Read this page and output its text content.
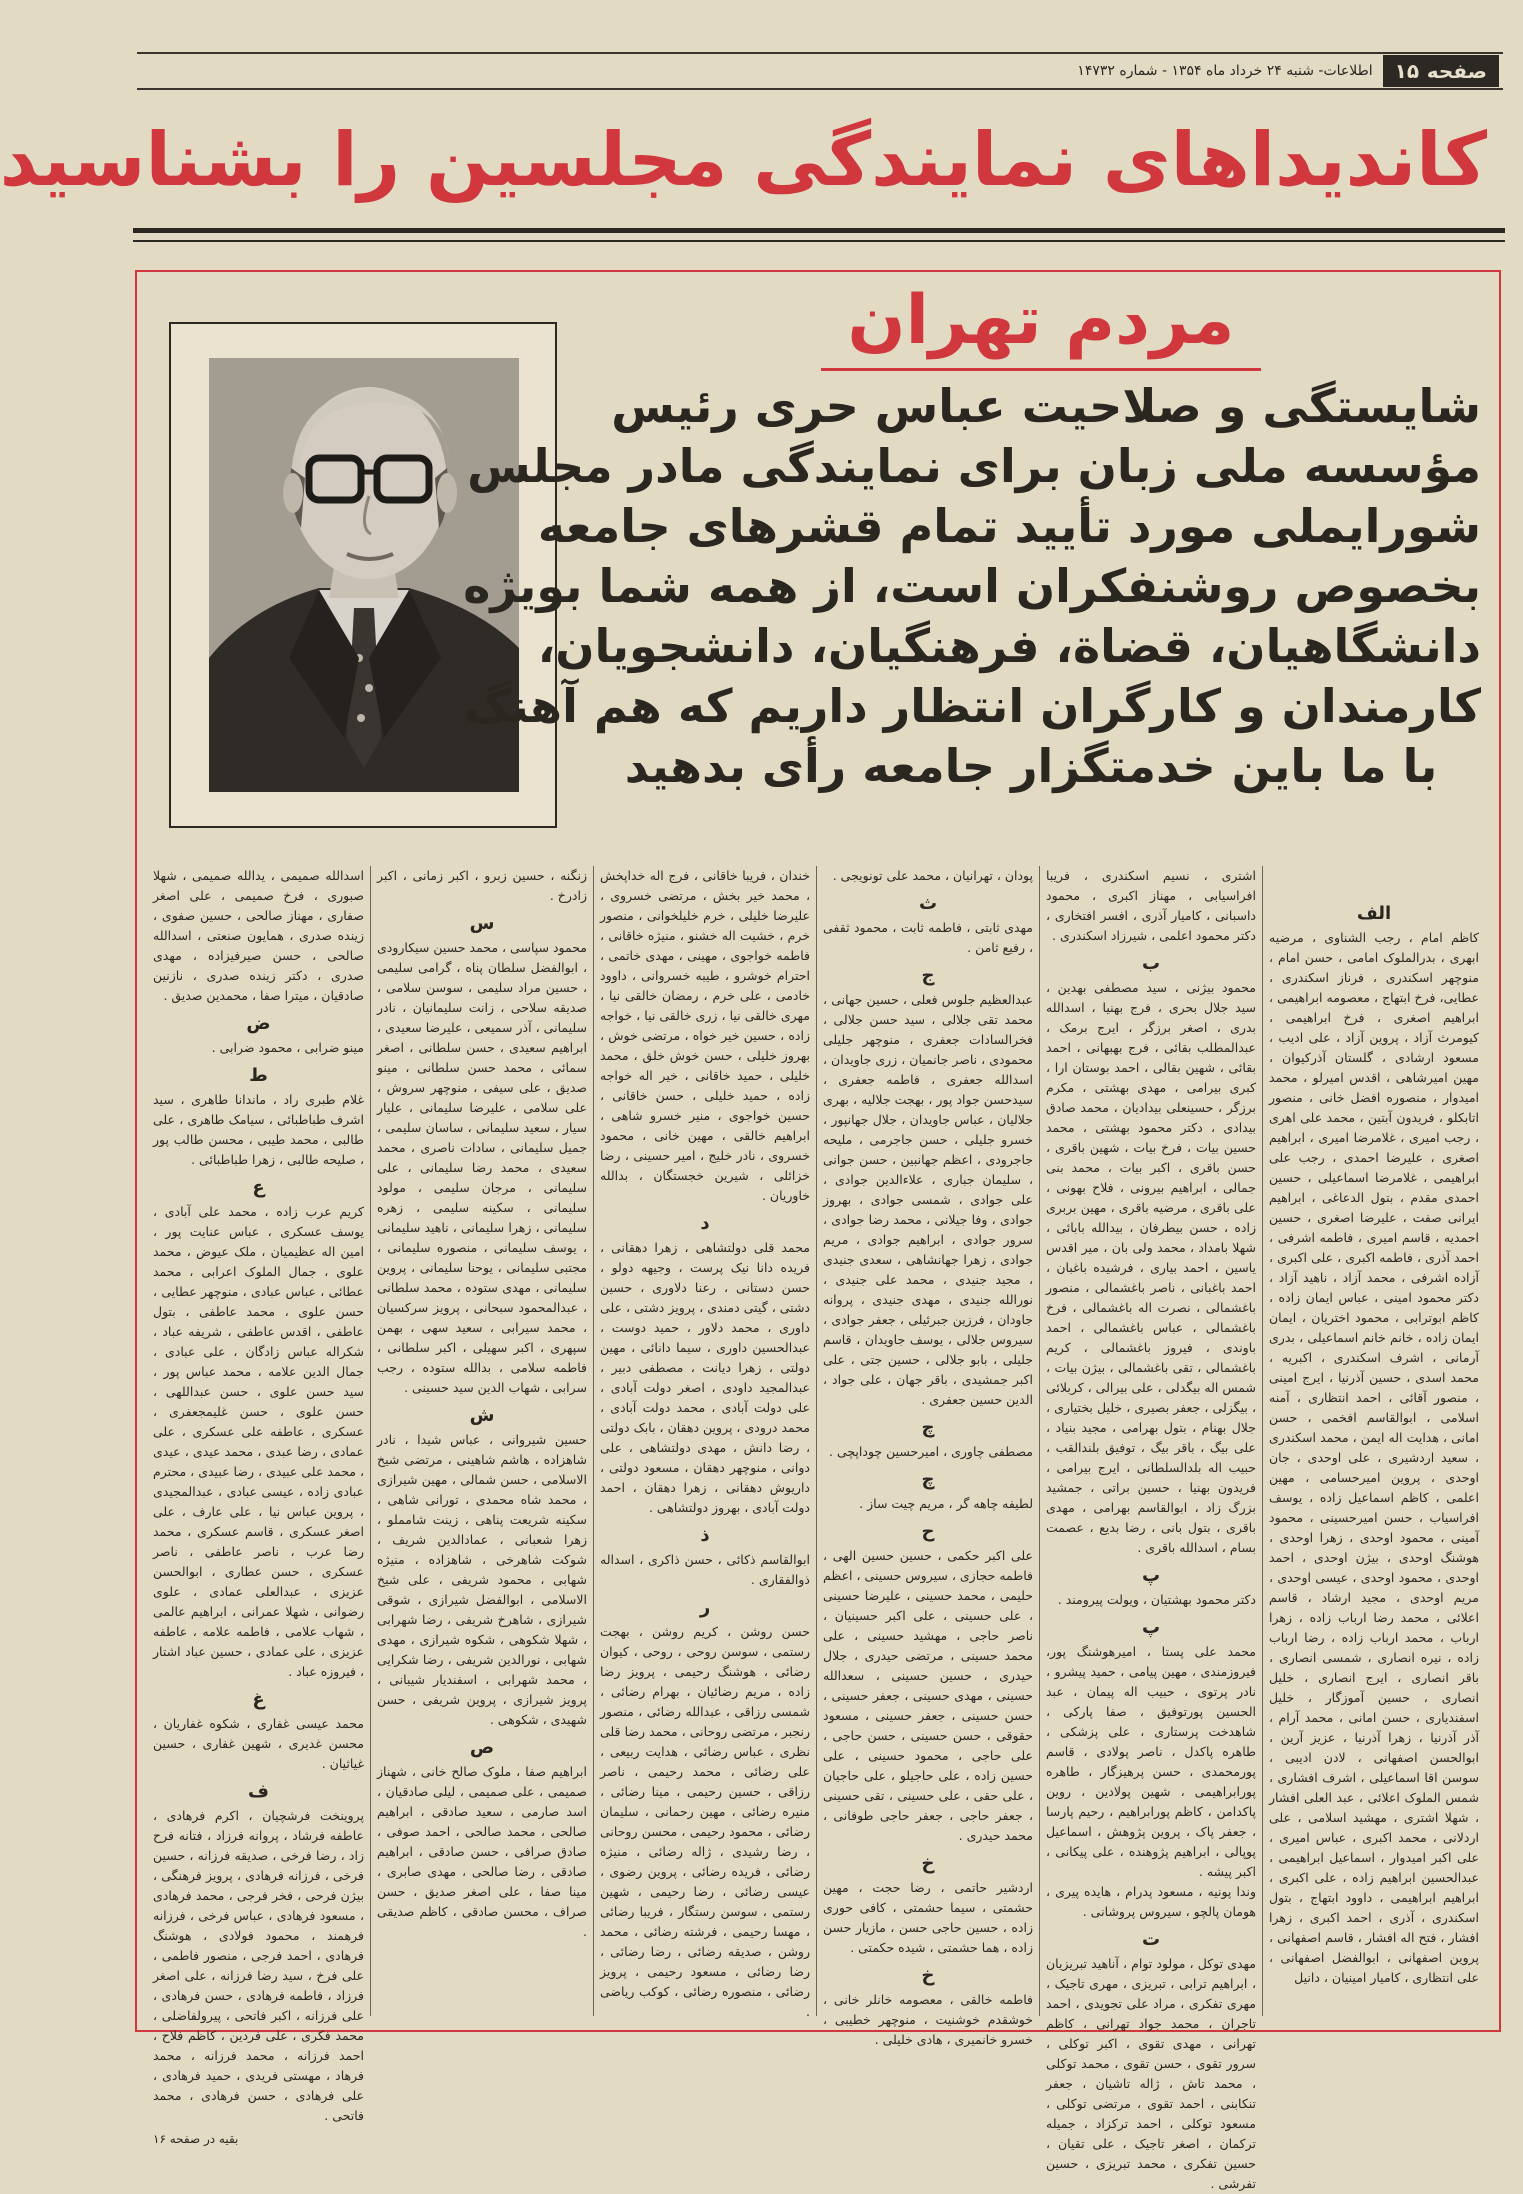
صفحه ۱۵
اطلاعات- شنبه ۲۴ خرداد ماه ۱۳۵۴ - شماره ۱۴۷۳۲
کاندیداهای نمایندگی مجلسین را بشناسید
مردم تهران
شایستگی و صلاحیت عباس حری رئیس
مؤسسه ملی زبان برای نمایندگی مادر مجلس
شورایملی مورد تأیید تمام قشرهای جامعه
بخصوص روشنفکران است، از همه شما بویژه
دانشگاهیان، قضاة، فرهنگیان، دانشجویان،
کارمندان و کارگران انتظار داریم که هم آهنگ
با ما باین خدمتگزار جامعه رأی بدهید
الف
کاظم امام ، رجب الشناوی ، مرضیه ابهری ، بدرالملوک امامی ، حسن امام ، منوچهر اسکندری ، فرناز اسکندری ، عطایی، فرخ ابتهاج ، معصومه ابراهیمی ، ابراهیم اصغری ، فرخ ابراهیمی ، کیومرث آزاد ، پروین آزاد ، علی ادیب ، مسعود ارشادی ، گلستان آذرکیوان ، مهین امیرشاهی ، اقدس امیرلو ، محمد امیدوار ، منصوره افضل خانی ، منصور اتابکلو ، فریدون آبتین ، محمد علی اهری ، رجب امیری ، غلامرضا امیری ، ابراهیم اصغری ، علیرضا احمدی ، رجب علی ابراهیمی ، غلامرضا اسماعیلی ، حسین احمدی مقدم ، بتول الدعاغی ، ابراهیم ایرانی صفت ، علیرضا اصغری ، حسین احمدیه ، قاسم امیری ، فاطمه اشرفی ، احمد آذری ، فاطمه اکبری ، علی اکبری ، آزاده اشرفی ، محمد آزاد ، ناهید آزاد ، دکتر محمود امینی ، عباس ایمان زاده ، کاظم ابوترابی ، محمود اختریان ، ایمان ایمان زاده ، خانم خانم اسماعیلی ، بدری آرمانی ، اشرف اسکندری ، اکبریه ، محمد اسدی ، حسین آذرنیا ، ایرج امینی ، منصور آقائی ، احمد انتظاری ، آمنه اسلامی ، ابوالقاسم افخمی ، حسن امانی ، هدایت اله ایمن ، محمد اسکندری ، سعید اردشیری ، علی اوحدی ، جان اوحدی ، پروین امیرحسامی ، مهین اعلمی ، کاظم اسماعیل زاده ، یوسف افراسیاب ، حسن امیرحسینی ، محمود آمینی ، محمود اوحدی ، زهرا اوحدی ، هوشنگ اوحدی ، بیژن اوحدی ، احمد اوحدی ، محمود اوحدی ، عیسی اوحدی ، مریم اوحدی ، مجید ارشاد ، قاسم اعلائی ، محمد رضا ارباب زاده ، زهرا ارباب ، محمد ارباب زاده ، رضا ارباب زاده ، نیره انصاری ، شمسی انصاری ، باقر انصاری ، ایرج انصاری ، خلیل انصاری ، حسین آموزگار ، خلیل اسفندیاری ، حسن امانی ، محمد آرام ، آذر آذرنیا ، زهرا آذرنیا ، عزیز آرین ، ابوالحسن اصفهانی ، لادن ادیبی ، سوسن اقا اسماعیلی ، اشرف افشاری ، شمس الملوک اعلائی ، عبد العلی افشار ، شهلا اشتری ، مهشید اسلامی ، علی اردلانی ، محمد اکبری ، عباس امیری ، علی اکبر امیدوار ، اسماعیل ابراهیمی ، عبدالحسین ابراهیم زاده ، علی اکبری ، ابراهیم ابراهیمی ، داوود ابتهاج ، بتول اسکندری ، آذری ، احمد اکبری ، زهرا افشار ، فتح اله افشار ، قاسم اصفهانی ، پروین اصفهانی ، ابوالفضل اصفهانی ، علی انتظاری ، کامیار امینیان ، دانیل
اشتری ، نسیم اسکندری ، فریبا افراسیابی ، مهناز اکبری ، محمود داسبانی ، کامیار آذری ، افسر افتخاری ، دکتر محمود اعلمی ، شیرزاد اسکندری .
ب
محمود بیژنی ، سید مصطفی بهدین ، سید جلال بحری ، فرج بهنیا ، اسدالله بدری ، اصغر برزگر ، ایرج برمک ، عبدالمطلب بقائی ، فرج بهبهانی ، احمد بقائی ، شهین بقالی ، احمد بوستان ارا ، کبری بیرامی ، مهدی بهشتی ، مکرم برزگر ، حسینعلی بیدادیان ، محمد صادق بیدادی ، دکتر محمود بهشتی ، محمد حسین بیات ، فرخ بیات ، شهین باقری ، حسن باقری ، اکبر بیات ، محمد بنی جمالی ، ابراهیم بیرونی ، فلاح بهونی ، علی باقری ، مرضیه باقری ، مهین بربری زاده ، حسن بیطرفان ، بیدالله بابائی ، شهلا بامداد ، محمد ولی بان ، میر اقدس یاسین ، احمد بیاری ، فرشیده باغبان ، احمد باغبانی ، ناصر باغشمالی ، منصور باغشمالی ، نصرت اله باغشمالی ، فرخ باغشمالی ، عباس باغشمالی ، احمد باوندی ، فیروز باغشمالی ، کریم باغشمالی ، تقی باغشمالی ، بیژن بیات ، شمس اله بیگدلی ، علی بیرالی ، کربلائی ، بیگزلی ، جعفر بصیری ، خلیل بختیاری ، جلال بهنام ، بتول بهرامی ، مجید بنیاد ، علی بیگ ، باقر بیگ ، توفیق بلندالقب ، حبیب اله بلدالسلطانی ، ایرج بیرامی ، فریدون بهنیا ، حسین براتی ، جمشید بزرگ زاد ، ابوالقاسم بهرامی ، مهدی باقری ، بتول بانی ، رضا بدیع ، عصمت بسام ، اسدالله باقری .
پ
دکتر محمود بهشتیان ، ویولت پیرومند .
پ
محمد علی پستا ، امیرهوشنگ پور، فیروزمندی ، مهین پیامی ، حمید پیشرو ، نادر پرتوی ، حبیب اله پیمان ، عبد الحسین پورتوفیق ، صفا پارکی ، شاهدخت پرستاری ، علی پزشکی ، طاهره پاکدل ، ناصر پولادی ، قاسم پورمحمدی ، حسن پرهیزگار ، طاهره پورابراهیمی ، شهین پولادین ، روین پاکدامن ، کاظم پورابراهیم ، رحیم پارسا ، جعفر پاک ، پروین پژوهش ، اسماعیل پوپالی ، ابراهیم پژوهنده ، علی پیکانی ، اکبر پیشه .
وندا پونیه ، مسعود پدرام ، هایده پیری ، هومان پالچو ، سیروس پروشانی .
ت
مهدی توکل ، مولود توام ، آناهید تبریزیان ، ابراهیم ترابی ، تبریزی ، مهری تاجیک ، مهری تفکری ، مراد علی تجویدی ، احمد تاجران ، محمد جواد تهرانی ، کاظم تهرانی ، مهدی تقوی ، اکبر توکلی ، سرور تقوی ، حسن تقوی ، محمد توکلی ، محمد تاش ، ژاله تاشیان ، جعفر تنکابنی ، احمد تقوی ، مرتضی توکلی ، مسعود توکلی ، احمد ترکزاد ، جمیله ترکمان ، اصغر تاجیک ، علی تقیان ، حسین تفکری ، محمد تبریزی ، حسین تفرشی .
پودان ، تهرانیان ، محمد علی تونویجی .
ث
مهدی ثابتی ، فاطمه ثابت ، محمود ثقفی ، رفیع ثامن .
ج
عبدالعظیم جلوس فعلی ، حسین جهانی ، محمد تقی جلالی ، سید حسن جلالی ، فخرالسادات جعفری ، منوچهر جلیلی محمودی ، ناصر جانمیان ، زری جاویدان ، اسدالله جعفری ، فاطمه جعفری ، سیدحسن جواد پور ، بهجت جلالیه ، بهری جلالیان ، عباس جاویدان ، جلال جهانپور ، خسرو جلیلی ، حسن جاجرمی ، ملیحه جاجرودی ، اعظم جهانبین ، حسن جوانی ، سلیمان جباری ، علاءالدین جوادی ، علی جوادی ، شمسی جوادی ، بهروز جوادی ، وفا جیلانی ، محمد رضا جوادی ، سرور جوادی ، ابراهیم جوادی ، مریم جوادی ، زهرا جهانشاهی ، سعدی جنیدی ، مجید جنیدی ، محمد علی جنیدی ، نورالله جنیدی ، مهدی جنیدی ، پروانه جاودان ، فرزین جبرئیلی ، جعفر جوادی ، سیروس جلالی ، یوسف جاویدان ، قاسم جلیلی ، بابو جلالی ، حسین جتی ، علی اکبر جمشیدی ، باقر جهان ، علی جواد ، الدین حسین جعفری .
چ
مصطفی چاوری ، امیرحسین چوداپچی .
چ
لطیفه چاهه گر ، مریم چیت ساز .
ح
علی اکبر حکمی ، حسین حسین الهی ، فاطمه حجازی ، سیروس حسینی ، اعظم حلیمی ، محمد حسینی ، علیرضا حسینی ، علی حسینی ، علی اکبر حسینیان ، ناصر حاجی ، مهشید حسینی ، علی محمد حسینی ، مرتضی حیدری ، جلال حیدری ، حسین حسینی ، سعدالله حسینی ، مهدی حسینی ، جعفر حسینی ، حسن حسینی ، جعفر حسینی ، مسعود حقوقی ، حسن حسینی ، حسن حاجی ، علی حاجی ، محمود حسینی ، علی حسین زاده ، علی حاجیلو ، علی حاجیان ، علی حقی ، علی حسینی ، تقی حسینی ، جعفر حاجی ، جعفر حاجی طوفانی ، محمد حیدری .
خ
اردشیر حاتمی ، رضا حجت ، مهین حشمتی ، سیما حشمتی ، کافی حوری زاده ، حسین حاجی حسن ، مازیار حسن زاده ، هما حشمتی ، شیده حکمتی .
خ
فاطمه خالقی ، معصومه خانلر خانی ، خوشقدم خوشنیت ، منوچهر خطیبی ، خسرو خانمیری ، هادی خلیلی .
خندان ، فریبا خاقانی ، فرج اله خداپخش ، محمد خیر بخش ، مرتضی خسروی ، علیرضا خلیلی ، خرم خلیلخوانی ، منصور خرم ، خشیت اله خشنو ، منیژه خاقانی ، فاطمه خواجوی ، مهینی ، مهدی خاتمی ، احترام خوشرو ، طیبه خسروانی ، داوود خادمی ، علی خرم ، رمضان خالقی نیا ، مهری خالقی نیا ، زری خالقی نیا ، خواجه زاده ، حسین خیر خواه ، مرتضی خوش ، بهروز خلیلی ، حسن خوش خلق ، محمد خلیلی ، حمید خاقانی ، خیر اله خواجه زاده ، حمید خلیلی ، حسن خاقانی ، حسین خواجوی ، منیر خسرو شاهی ، ابراهیم خالقی ، مهین خانی ، محمود خسروی ، نادر خلیج ، امیر حسینی ، رضا خزائلی ، شیرین خجستگان ، بدالله خاوریان .
د
محمد قلی دولتشاهی ، زهرا دهقانی ، فریده دانا نیک پرست ، وجیهه دولو ، حسن دستانی ، رعنا دلاوری ، حسین دشتی ، گیتی دمندی ، پرویز دشتی ، علی داوری ، محمد دلاور ، حمید دوست ، عبدالحسین داوری ، سیما دانائی ، مهین دولتی ، زهرا دیانت ، مصطفی دبیر ، عبدالمجید داودی ، اصغر دولت آبادی ، علی دولت آبادی ، محمد دولت آبادی ، محمد درودی ، پروین دهقان ، بابک دولتی ، رضا دانش ، مهدی دولتشاهی ، علی دوانی ، منوچهر دهقان ، مسعود دولتی ، داریوش دهقانی ، زهرا دهقان ، احمد دولت آبادی ، بهروز دولتشاهی .
ذ
ابوالقاسم ذکائی ، حسن ذاکری ، اسداله ذوالفقاری .
ر
حسن روشن ، کریم روشن ، بهجت رستمی ، سوسن روحی ، روحی ، کیوان رضائی ، هوشنگ رحیمی ، پرویز رضا زاده ، مریم رضائیان ، بهرام رضائی ، شمسی رزاقی ، عبدالله رضائی ، منصور رنجبر ، مرتضی روحانی ، محمد رضا قلی نظری ، عباس رضائی ، هدایت ربیعی ، علی رضائی ، محمد رحیمی ، ناصر رزاقی ، حسین رحیمی ، مینا رضائی ، منیره رضائی ، مهین رحمانی ، سلیمان رضائی ، محمود رحیمی ، محسن روحانی ، رضا رشیدی ، ژاله رضائی ، منیژه رضائی ، فریده رضائی ، پروین رضوی ، عیسی رضائی ، رضا رحیمی ، شهین رستمی ، سوسن رستگار ، فریبا رضائی ، مهسا رحیمی ، فرشته رضائی ، محمد روشن ، صدیقه رضائی ، رضا رضائی ، رضا رضائی ، مسعود رحیمی ، پرویز رضائی ، منصوره رضائی ، کوکب ریاضی .
زنگنه ، حسین زبرو ، اکبر زمانی ، اکبر زادرخ .
س
محمود سپاسی ، محمد حسین سیکارودی ، ابوالفضل سلطان پناه ، گرامی سلیمی ، حسین مراد سلیمی ، سوسن سلامی ، صدیقه سلاحی ، زانت سلیمانیان ، نادر سلیمانی ، آذر سمیعی ، علیرضا سعیدی ، ابراهیم سعیدی ، حسن سلطانی ، اصغر سمائی ، محمد حسن سلطانی ، مینو صدیق ، علی سیفی ، منوچهر سروش ، علی سلامی ، علیرضا سلیمانی ، علیار سیار ، سعید سلیمانی ، ساسان سلیمی ، جمیل سلیمانی ، سادات ناصری ، محمد سعیدی ، محمد رضا سلیمانی ، علی سلیمانی ، مرجان سلیمی ، مولود سلیمانی ، سکینه سلیمی ، زهره سلیمانی ، زهرا سلیمانی ، ناهید سلیمانی ، یوسف سلیمانی ، منصوره سلیمانی ، مجتبی سلیمانی ، یوحنا سلیمانی ، پروین سلیمانی ، مهدی ستوده ، محمد سلطانی ، عبدالمحمود سبحانی ، پرویز سرکسیان ، محمد سیرابی ، سعید سهی ، بهمن سپهری ، اکبر سهیلی ، اکبر سلطانی ، فاطمه سلامی ، بدالله ستوده ، رجب سرابی ، شهاب الدین سید حسینی .
ش
حسین شیروانی ، عباس شیدا ، نادر شاهزاده ، هاشم شاهینی ، مرتضی شیخ الاسلامی ، حسن شمالی ، مهین شیرازی ، محمد شاه محمدی ، تورانی شاهی ، سکینه شریعت پناهی ، زینت شامملو ، زهرا شعبانی ، عمادالدین شریف ، شوکت شاهرخی ، شاهزاده ، منیژه شهابی ، محمود شریفی ، علی شیخ الاسلامی ، ابوالفضل شیرازی ، شوقی شیرازی ، شاهرخ شریفی ، رضا شهرابی ، شهلا شکوهی ، شکوه شیرازی ، مهدی شهابی ، نورالدین شریفی ، رضا شکرایی ، محمد شهرابی ، اسفندیار شیبانی ، پرویز شیرازی ، پروین شریفی ، حسن شهیدی ، شکوهی .
ص
ابراهیم صفا ، ملوک صالح خانی ، شهناز صمیمی ، علی صمیمی ، لیلی صادقیان ، اسد صارمی ، سعید صادقی ، ابراهیم صالحی ، محمد صالحی ، احمد صوفی ، صادق صرافی ، حسن صادقی ، ابراهیم صادقی ، رضا صالحی ، مهدی صابری ، مینا صفا ، علی اصغر صدیق ، حسن صراف ، محسن صادقی ، کاظم صدیقی .
اسدالله صمیمی ، یدالله صمیمی ، شهلا صبوری ، فرخ صمیمی ، علی اصغر صفاری ، مهناز صالحی ، حسین صفوی ، زینده صدری ، همایون صنعتی ، اسدالله صالحی ، حسن صیرفیزاده ، مهدی صدری ، دکتر زینده صدری ، نازنین صادقیان ، میترا صفا ، محمدین صدیق .
ض
مینو ضرابی ، محمود ضرابی .
ط
غلام طبری راد ، ماندانا طاهری ، سید اشرف طباطبائی ، سیامک طاهری ، علی طالبی ، محمد طیبی ، محسن طالب پور ، صلیحه طالبی ، زهرا طباطبائی .
ع
کریم عرب زاده ، محمد علی آبادی ، یوسف عسکری ، عباس عنایت پور ، امین اله عظیمیان ، ملک عیوض ، محمد علوی ، جمال الملوک اعرابی ، محمد عطائی ، عباس عبادی ، منوچهر عطایی ، حسن علوی ، محمد عاطفی ، بتول عاطفی ، اقدس عاطفی ، شریفه عباد ، شکراله عباس زادگان ، علی عبادی ، جمال الدین علامه ، محمد عباس پور ، سید حسن علوی ، حسن عبداللهی ، حسن علوی ، حسن غلیمجعفری ، عسکری ، عاطفه علی عسکری ، علی عمادی ، رضا عبدی ، محمد عیدی ، عیدی ، محمد علی عبیدی ، رضا عبیدی ، محترم عبادی زاده ، عیسی عبادی ، عبدالمجیدی ، پروین عباس نیا ، علی عارف ، علی اصغر عسکری ، قاسم عسکری ، محمد رضا عرب ، ناصر عاطفی ، ناصر عسکری ، حسن عطاری ، ابوالحسن عزیزی ، عبدالعلی عمادی ، علوی رضوانی ، شهلا عمرانی ، ابراهیم عالمی ، شهاب علامی ، فاطمه علامه ، عاطفه عزیزی ، علی عمادی ، حسین عباد اشتار ، فیروزه عباد .
غ
محمد عیسی غفاری ، شکوه غفاریان ، محسن غدیری ، شهین غفاری ، حسین غیاثیان .
ف
پروینخت فرشچیان ، اکرم فرهادی ، عاطفه فرشاد ، پروانه فرزاد ، فتانه فرح زاد ، رضا فرخی ، صدیقه فرزانه ، حسین فرخی ، فرزانه فرهادی ، پرویز فرهنگی ، بیژن فرحی ، فخر فرجی ، محمد فرهادی ، مسعود فرهادی ، عباس فرخی ، فرزانه فرهمند ، محمود فولادی ، هوشنگ فرهادی ، احمد فرجی ، منصور فاطمی ، علی فرخ ، سید رضا فرزانه ، علی اصغر فرزاد ، فاطمه فرهادی ، حسن فرهادی ، علی فرزانه ، اکبر فاتحی ، پیرولفاضلی ، محمد فکری ، علی فردین ، کاظم فلاح ، احمد فرزانه ، محمد فرزانه ، محمد فرهاد ، مهستی فریدی ، حمید فرهادی ، علی فرهادی ، حسن فرهادی ، محمد فاتحی .
بقیه در صفحه ۱۶
